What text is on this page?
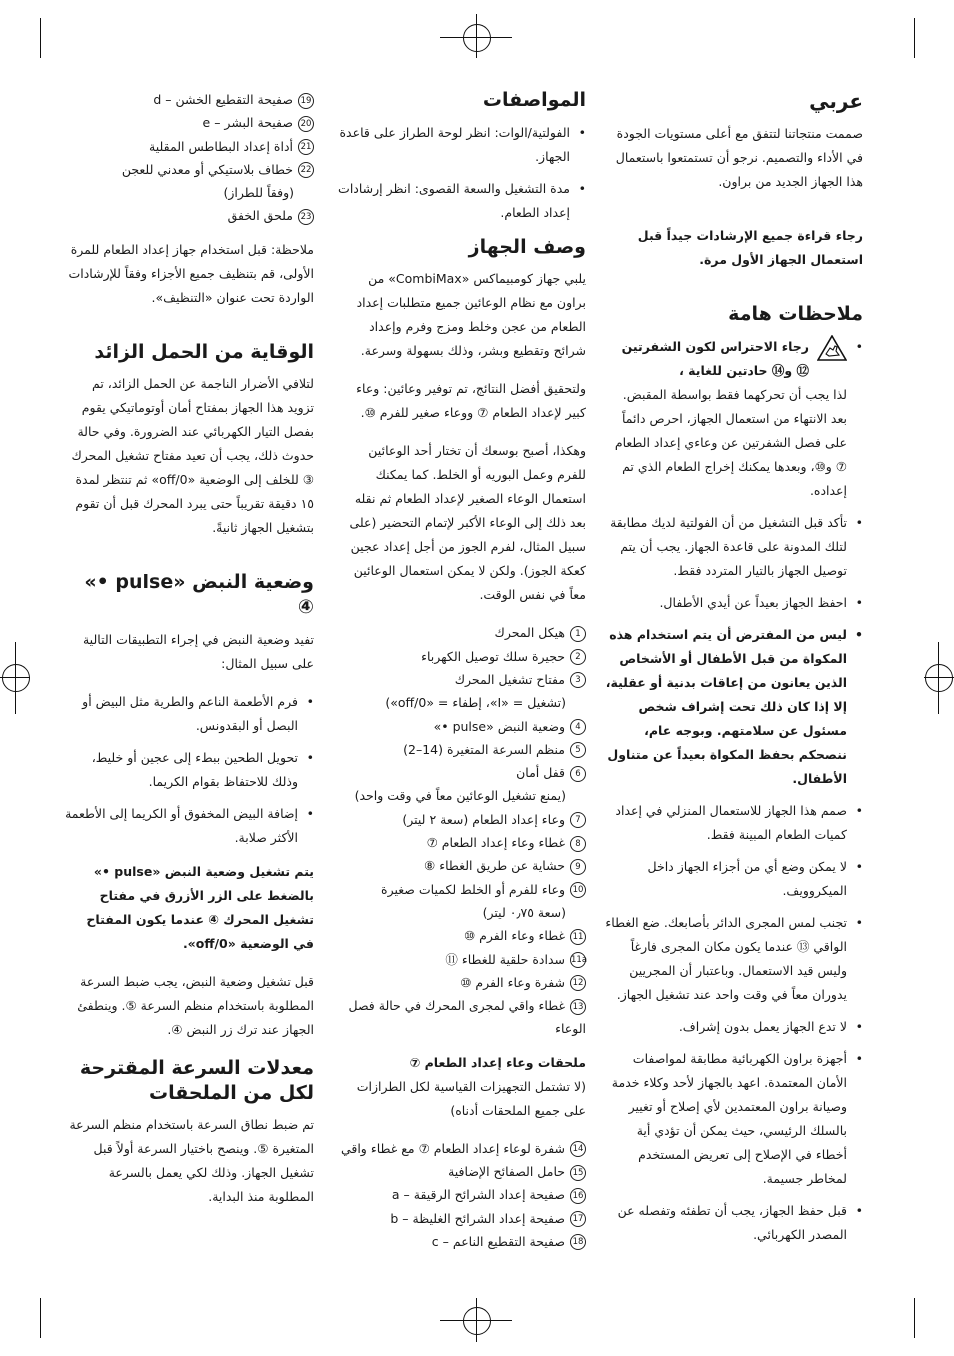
عربي

صممت منتجاتنا لتتفق مع أعلى مستويات الجودة في الأداء والتصميم. نرجو أن تستمتعوا باستعمال هذا الجهاز الجديد من براون.

رجاء قراءة جميع الإرشادات جيداً قبل استعمال الجهاز الأول مرة.

ملاحظات هامة
• رجاء الاحتراس لكون الشفرتين ⑫ و⑭ حادتين للغاية ،
لذا يجب أن تحركهما فقط بواسطة المقبض. بعد الانتهاء من استعمال الجهاز، احرص دائماً على فصل الشفرتين عن وعاءي إعداد الطعام ⑦ و⑩، وبعدها يمكنك إخراج الطعام الذي تم إعداده.
• تأكد قبل التشغيل من أن الفولتية لديك مطابقة لتلك المدونة على قاعدة الجهاز. يجب أن يتم توصيل الجهاز بالتيار المتردد فقط.
• احفظ الجهاز بعيداً عن أيدي الأطفال.
• ليس من المفترض أن يتم استخدام هذه المكواة من قبل الأطفال أو الأشخاص الذين يعانون من إعاقات بدنية أو عقلية، إلا إذا كان ذلك تحت إشراف شخص مسئول عن سلامتهم. وبوجه عام، ننصحكم بحفظ المكواة بعيداً عن متناول الأطفال.
• صمم هذا الجهاز للاستعمال المنزلي في إعداد كميات الطعام المبينة فقط.
• لا يمكن وضع أي من أجزاء الجهاز داخل الميكروويف.
• تجنب لمس المجرى الدائر بأصابعك. ضع الغطاء الواقي ⑬ عندما يكون مكان المجرى فارغاً وليس قيد الاستعمال. وباعتبار أن المجريين يدوران معاً في وقت واحد عند تشغيل الجهاز.
• لا تدع الجهاز يعمل بدون إشراف.
• أجهزة براون الكهربائية مطابقة لمواصفات الأمان المعتمدة. اعهد بالجهاز لأحد وكلاء خدمة وصيانة براون المعتمدين لأي إصلاح أو تغيير بالسلك الرئيسي، حيث يمكن أن تؤدي أية أخطاء في الإصلاح إلى تعريض المستخدم لمخاطر جسيمة.
• قبل حفظ الجهاز، يجب أن تطفئه وتفصله عن المصدر الكهربائي.
المواصفات
• الفولتية/الوات: انظر لوحة الطراز على قاعدة الجهاز.
• مدة التشغيل والسعة القصوى: انظر إرشادات إعداد الطعام.
وصف الجهاز

يلبي جهاز كومبيماكس «CombiMax» من براون مع نظام الوعائين جميع متطلبات إعداد الطعام من عجن وخلط ومزج وفرم وإعداد شرائح وتقطيع وبشر، وذلك بسهولة وسرعة.

ولتحقيق أفضل النتائج، تم توفير وعائين: وعاء كبير لإعداد الطعام ⑦ ووعاء صغير للفرم ⑩.

وهكذا، أصبح بوسعك أن تختار أحد الوعائين للفرم وعمل البوريه أو الخلط. كما يمكنك استعمال الوعاء الصغير لإعداد الطعام ثم نقله بعد ذلك إلى الوعاء الأكبر لإتمام التحضير (على سبيل المثال، لفرم الجوز من أجل إعداد عجين كعكة الجوز). ولكن لا يمكن استعمال الوعائين معاً في نفس الوقت.

1هيكل المحرك
2حجيرة سلك توصيل الكهرباء
3مفتاح تشغيل المحرك
(تشغيل = «I»، إطفاء = «off/0»)
4وضعية النبض «pulse •»
5منظم السرعة المتغيرة (14–2)
6قفل أمان
(يمنع تشغيل الوعائين معاً في وقت واحد)
7وعاء إعداد الطعام (سعة ٢ ليتر)
8غطاء وعاء إعداد الطعام ⑦
9حشاية عن طريق الغطاء ⑧
10وعاء للفرم أو الخلط لكميات صغيرة
(سعة ٠٫٧٥ ليتر)
11غطاء وعاء الفرم ⑩
11aسدادة حلقية للغطاء ⑪
12شفرة وعاء الفرم ⑩
13غطاء واقي لمجرى المحرك في حالة فصل الوعاء

ملحقات وعاء إعداد الطعام ⑦

(لا تشتمل التجهيزات القياسية لكل الطرازات على جميع الملحقات أدناه)

14شفرة لوعاء إعداد الطعام ⑦ مع غطاء واقي
15حامل الصفائح الإضافية
16صفيحة إعداد الشرائح الرقيقة – a
17صفيحة إعداد الشرائح الغليظة – b
18صفيحة التقطيع الناعم – c
19صفيحة التقطيع الخشن – d
20صفيحة البشر – e
21أداة إعداد البطاطس المقلية
22خطاف بلاستيكي أو معدني للعجن
(وفقاً للطراز)
23ملحق الخفق

ملاحظة: قبل استخدام جهاز إعداد الطعام للمرة الأولى، قم بتنظيف جميع الأجزاء وفقاً للإرشادات الواردة تحت عنوان «التنظيف».

الوقاية من الحمل الزائد

لتلافي الأضرار الناجمة عن الحمل الزائد، تم تزويد هذا الجهاز بمفتاح أمان أوتوماتيكي يقوم بفصل التيار الكهربائي عند الضرورة. وفي حالة حدوث ذلك، يجب أن تعيد مفتاح تشغيل المحرك ③ للخلف إلى الوضعية «off/0» ثم تنتظر لمدة ١٥ دقيقة تقريباً حتى يبرد المحرك قبل أن تقوم بتشغيل الجهاز ثانيةً.

وضعية النبض «pulse •» ④

تفيد وضعية النبض في إجراء التطبيقات التالية على سبيل المثال:

• فرم الأطعمة الناعم والطرية مثل البيض أو البصل أو البقدونس.
• تحويل الطحين ببطء إلى عجين أو خليط، وذلك للاحتفاظ بقوام الكريما.
• إضافة البيض المخفوق أو الكريما إلى الأطعمة الأكثر صلابة.

يتم تشغيل وضعية النبض «pulse •» بالضغط على الزر الأزرق في مفتاح تشغيل المحرك ④ عندما يكون المفتاح في الوضعية «off/0».

قبل تشغيل وضعية النبض، يجب ضبط السرعة المطلوبة باستخدام منظم السرعة ⑤. وينطفئ الجهاز عند ترك زر النبض ④.

معدلات السرعة المقترحة لكل من الملحقات

تم ضبط نطاق السرعة باستخدام منظم السرعة المتغيرة ⑤. وينصح باختيار السرعة أولاً قبل تشغيل الجهاز. وذلك لكي يعمل بالسرعة المطلوبة منذ البداية.
